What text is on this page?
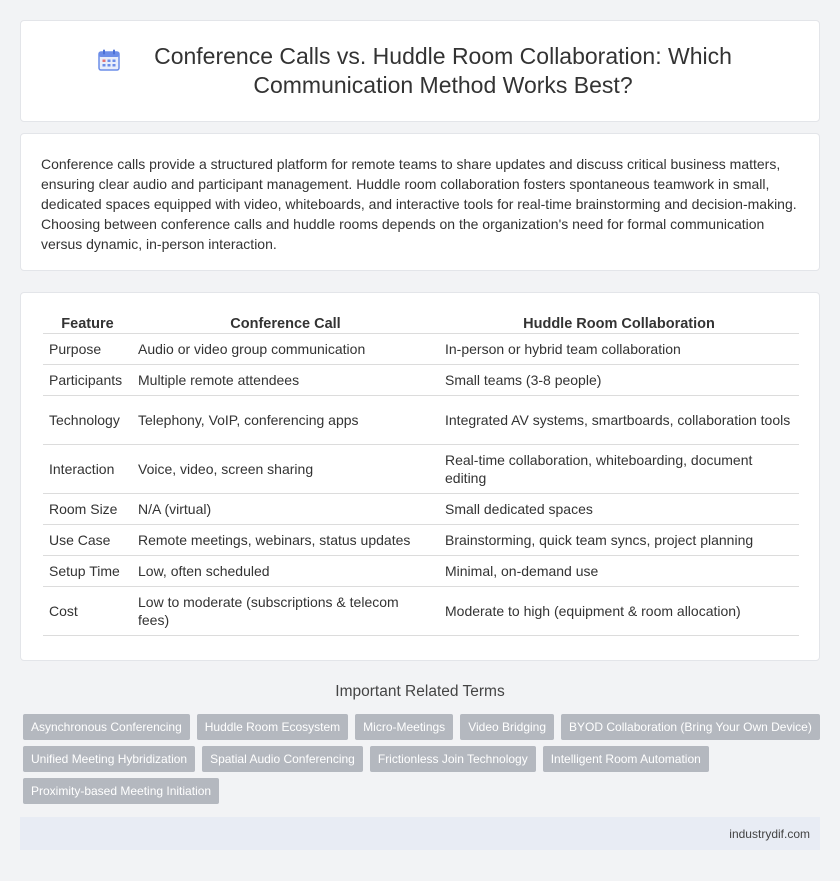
Conference Calls vs. Huddle Room Collaboration: Which Communication Method Works Best?

Conference calls provide a structured platform for remote teams to share updates and discuss critical business matters, ensuring clear audio and participant management. Huddle room collaboration fosters spontaneous teamwork in small, dedicated spaces equipped with video, whiteboards, and interactive tools for real-time brainstorming and decision-making. Choosing between conference calls and huddle rooms depends on the organization's need for formal communication versus dynamic, in-person interaction.

Feature	Conference Call	Huddle Room Collaboration
Purpose	Audio or video group communication	In-person or hybrid team collaboration
Participants	Multiple remote attendees	Small teams (3-8 people)
Technology	Telephony, VoIP, conferencing apps	Integrated AV systems, smartboards, collaboration tools
Interaction	Voice, video, screen sharing	Real-time collaboration, whiteboarding, document editing
Room Size	N/A (virtual)	Small dedicated spaces
Use Case	Remote meetings, webinars, status updates	Brainstorming, quick team syncs, project planning
Setup Time	Low, often scheduled	Minimal, on-demand use
Cost	Low to moderate (subscriptions & telecom fees)	Moderate to high (equipment & room allocation)
Important Related Terms
Asynchronous Conferencing	Huddle Room Ecosystem	Micro-Meetings	Video Bridging	BYOD Collaboration (Bring Your Own Device)
Unified Meeting Hybridization	Spatial Audio Conferencing	Frictionless Join Technology	Intelligent Room Automation
Proximity-based Meeting Initiation
industrydif.com
